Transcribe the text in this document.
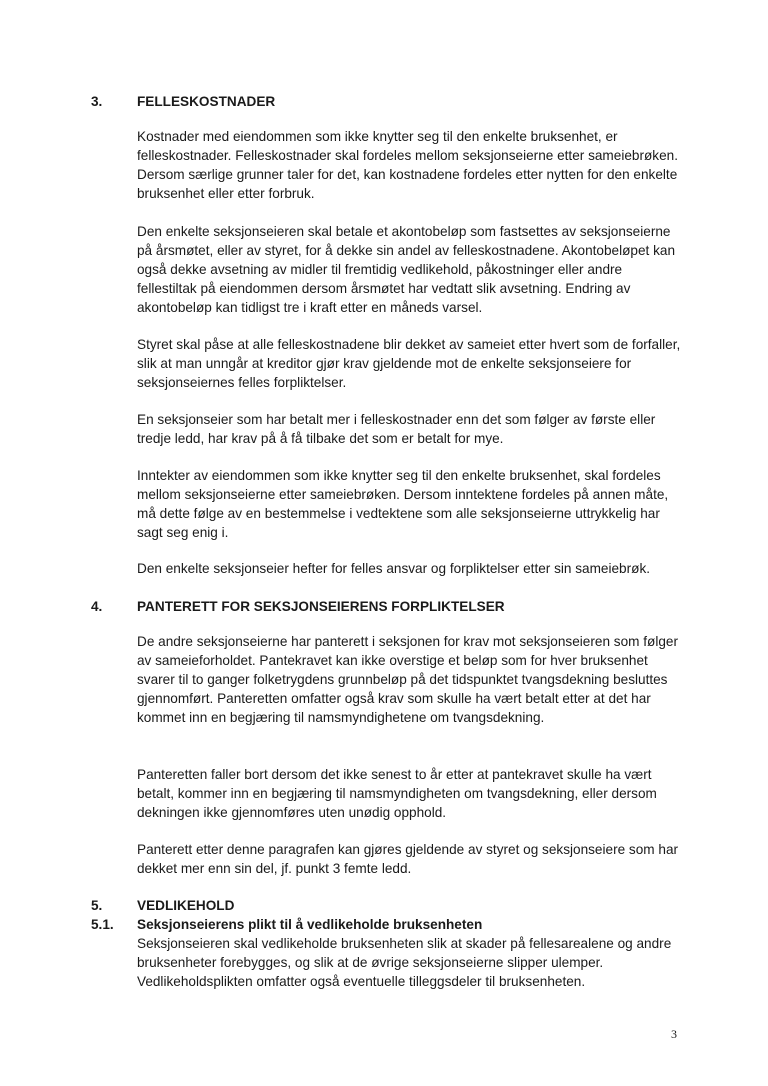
3.	FELLESKOSTNADER

Kostnader med eiendommen som ikke knytter seg til den enkelte bruksenhet, er felleskostnader. Felleskostnader skal fordeles mellom seksjonseierne etter sameiebrøken. Dersom særlige grunner taler for det, kan kostnadene fordeles etter nytten for den enkelte bruksenhet eller etter forbruk.

Den enkelte seksjonseieren skal betale et akontobeløp som fastsettes av seksjonseierne på årsmøtet, eller av styret, for å dekke sin andel av felleskostnadene. Akontobeløpet kan også dekke avsetning av midler til fremtidig vedlikehold, påkostninger eller andre fellestiltak på eiendommen dersom årsmøtet har vedtatt slik avsetning. Endring av akontobeløp kan tidligst tre i kraft etter en måneds varsel.

Styret skal påse at alle felleskostnadene blir dekket av sameiet etter hvert som de forfaller, slik at man unngår at kreditor gjør krav gjeldende mot de enkelte seksjonseiere for seksjonseiernes felles forpliktelser.

En seksjonseier som har betalt mer i felleskostnader enn det som følger av første eller tredje ledd, har krav på å få tilbake det som er betalt for mye.

Inntekter av eiendommen som ikke knytter seg til den enkelte bruksenhet, skal fordeles mellom seksjonseierne etter sameiebrøken. Dersom inntektene fordeles på annen måte, må dette følge av en bestemmelse i vedtektene som alle seksjonseierne uttrykkelig har sagt seg enig i.

Den enkelte seksjonseier hefter for felles ansvar og forpliktelser etter sin sameiebrøk.

4.	PANTERETT FOR SEKSJONSEIERENS FORPLIKTELSER

De andre seksjonseierne har panterett i seksjonen for krav mot seksjonseieren som følger av sameieforholdet. Pantekravet kan ikke overstige et beløp som for hver bruksenhet svarer til to ganger folketrygdens grunnbeløp på det tidspunktet tvangsdekning besluttes gjennomført. Panteretten omfatter også krav som skulle ha vært betalt etter at det har kommet inn en begjæring til namsmyndighetene om tvangsdekning.

Panteretten faller bort dersom det ikke senest to år etter at pantekravet skulle ha vært betalt, kommer inn en begjæring til namsmyndigheten om tvangsdekning, eller dersom dekningen ikke gjennomføres uten unødig opphold.

Panterett etter denne paragrafen kan gjøres gjeldende av styret og seksjonseiere som har dekket mer enn sin del, jf. punkt 3 femte ledd.

5.	VEDLIKEHOLD
5.1.	Seksjonseierens plikt til å vedlikeholde bruksenheten

Seksjonseieren skal vedlikeholde bruksenheten slik at skader på fellesarealene og andre bruksenheter forebygges, og slik at de øvrige seksjonseierne slipper ulemper. Vedlikeholdsplikten omfatter også eventuelle tilleggsdeler til bruksenheten.

3
